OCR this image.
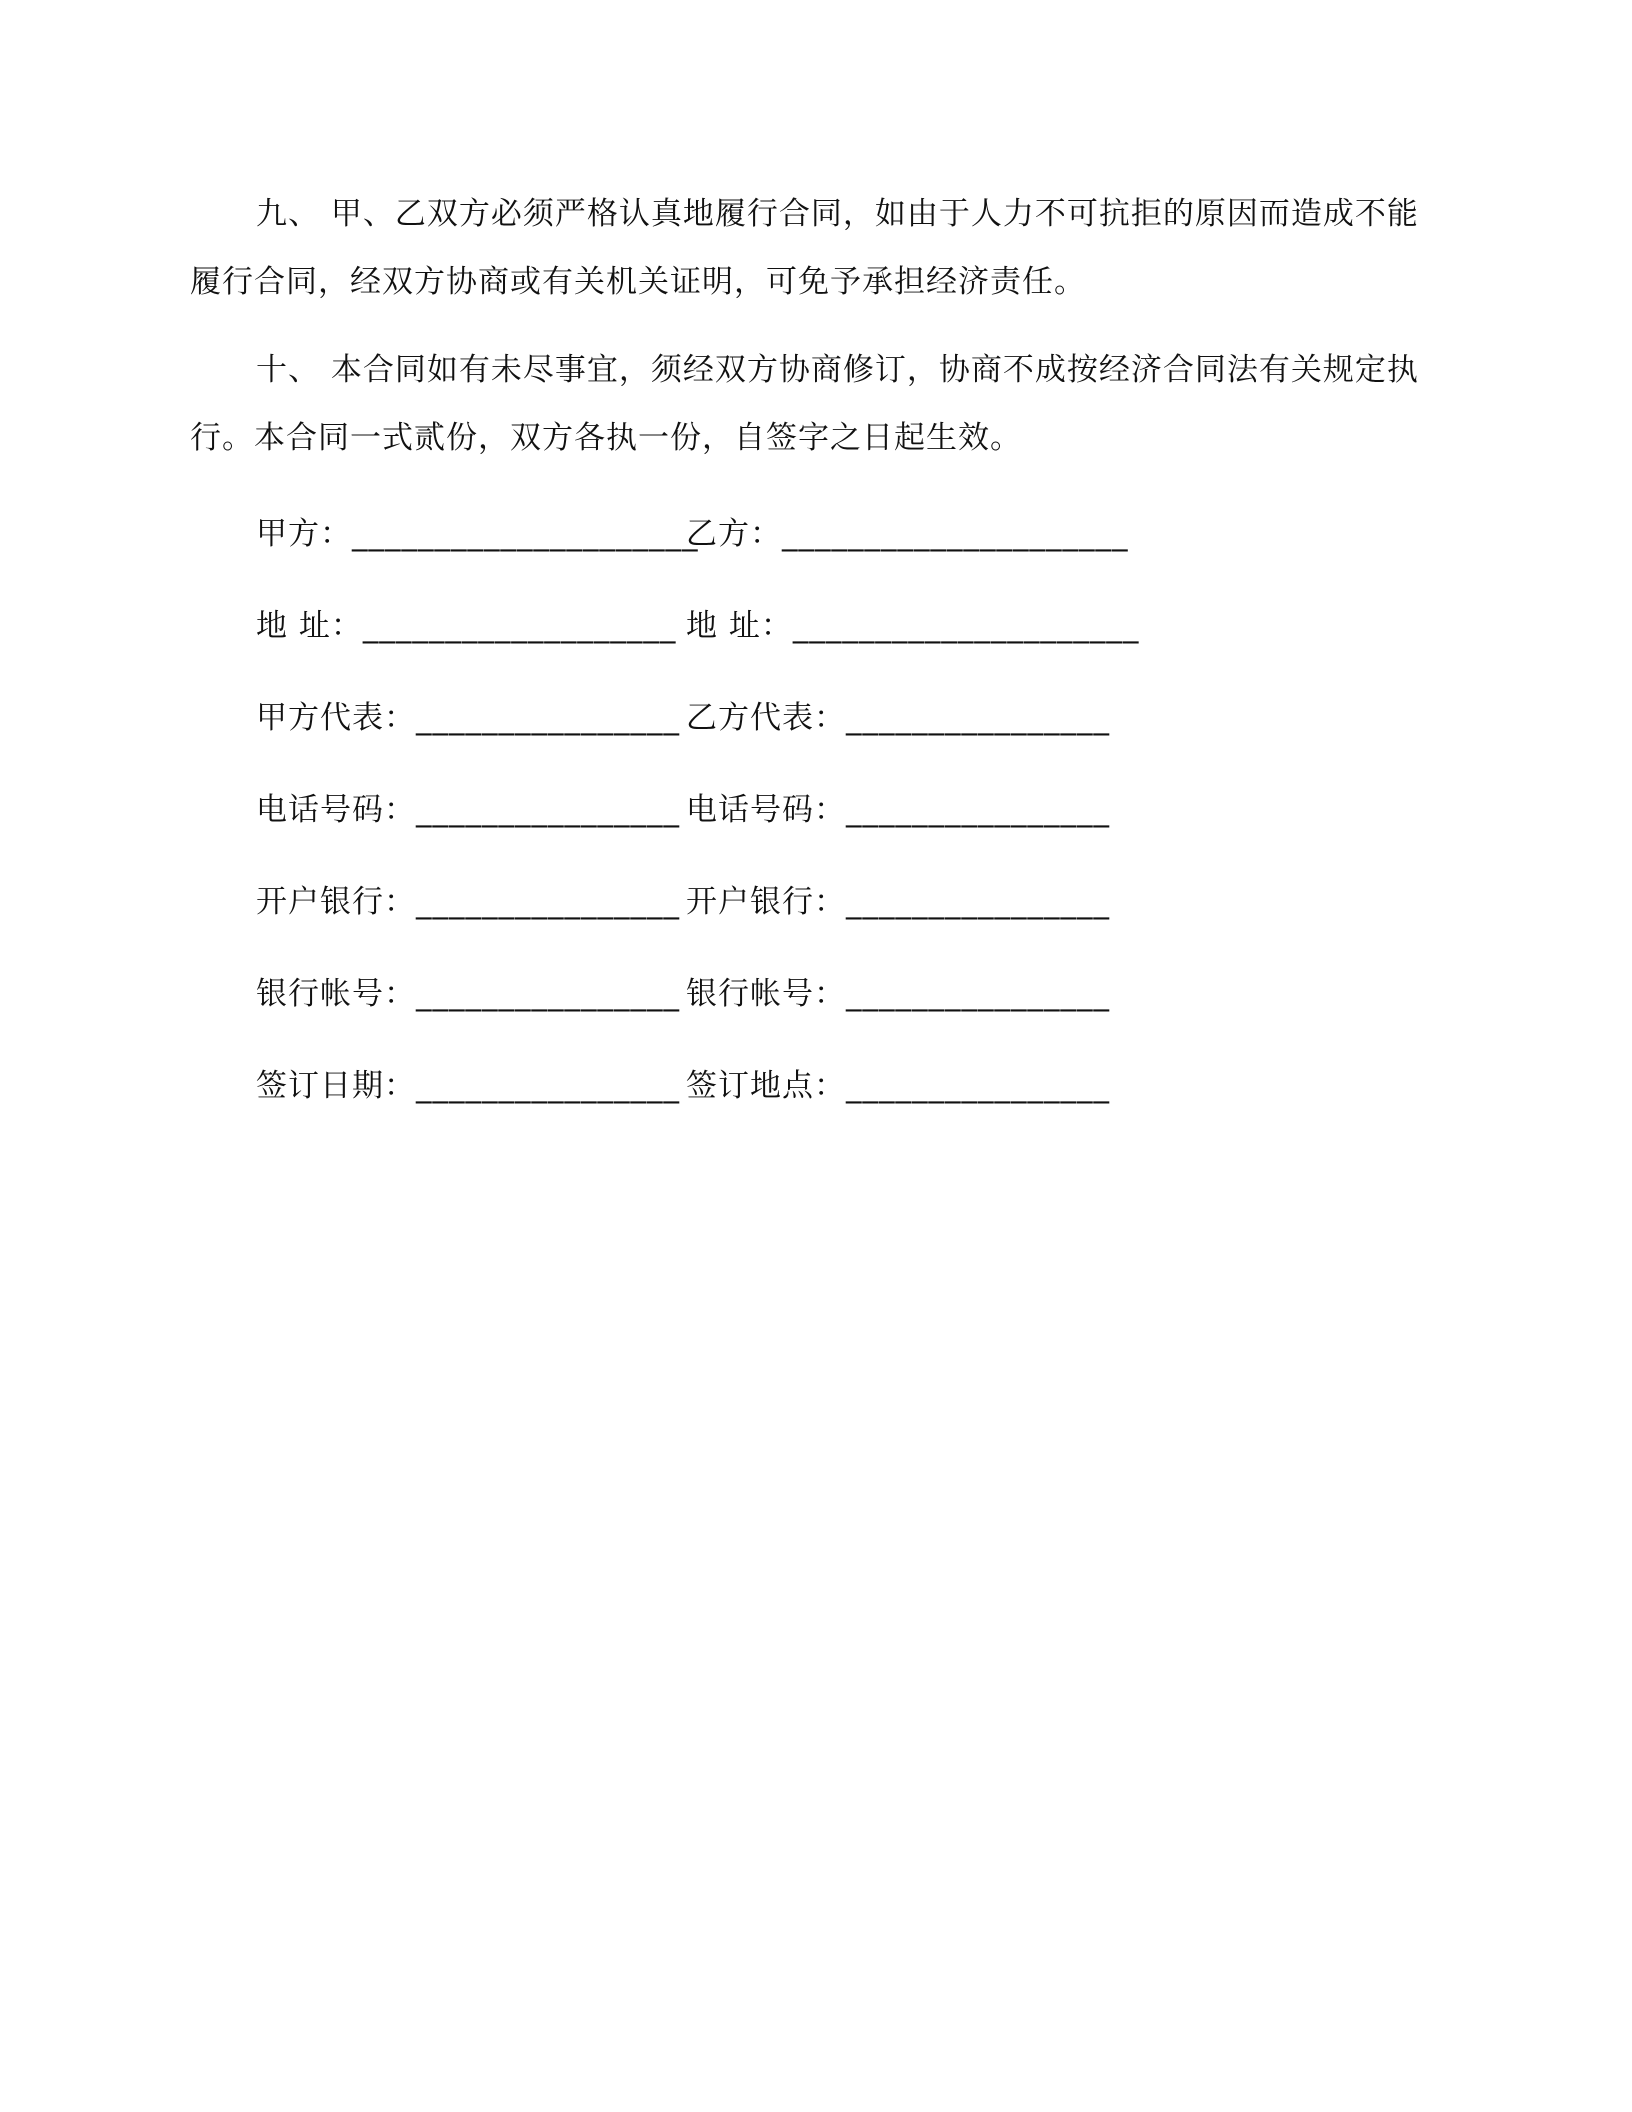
九、 甲、乙双方必须严格认真地履行合同，如由于人力不可抗拒的原因而造成不能
履行合同，经双方协商或有关机关证明，可免予承担经济责任。
十、 本合同如有未尽事宜，须经双方协商修订，协商不成按经济合同法有关规定执
行。本合同一式贰份，双方各执一份，自签字之日起生效。
甲方：_____________________乙方：_____________________
地 址：___________________ 地 址：_____________________
甲方代表：________________ 乙方代表：________________
电话号码：________________ 电话号码：________________
开户银行：________________ 开户银行：________________
银行帐号：________________ 银行帐号：________________
签订日期：________________ 签订地点：________________
